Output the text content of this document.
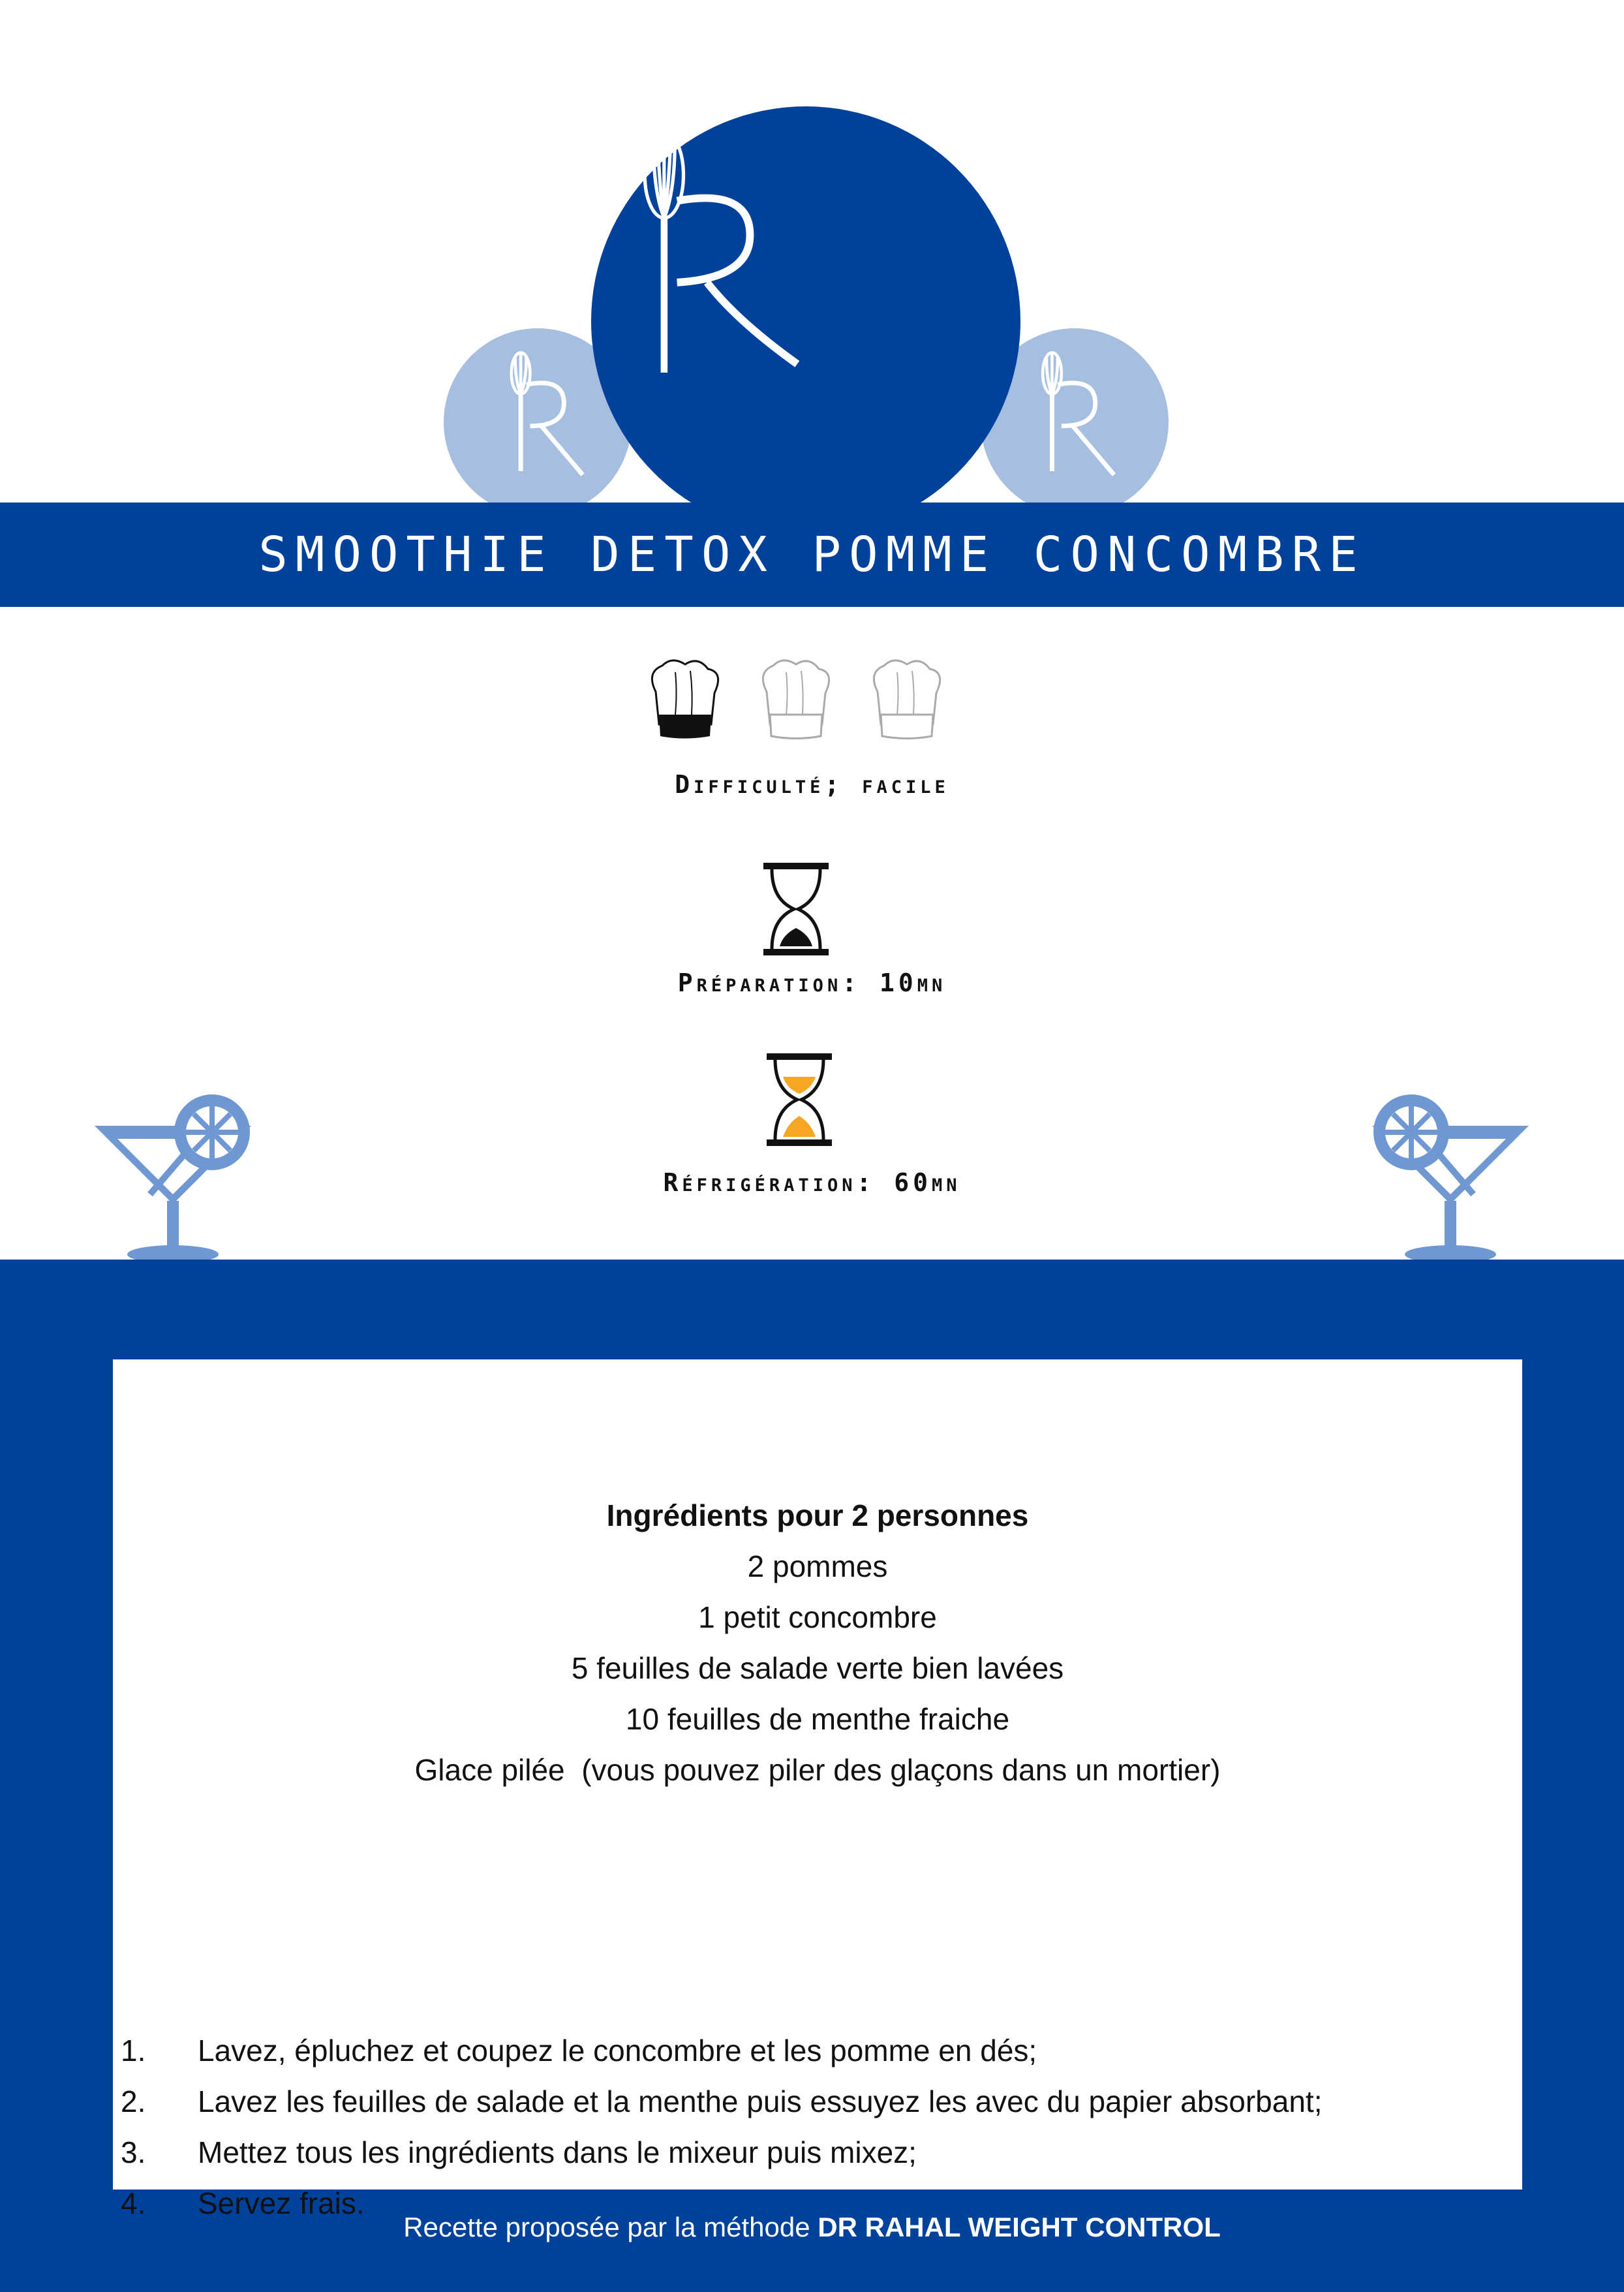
SMOOTHIE DETOX POMME CONCOMBRE
Difficulté; facile
Préparation: 10mn
Réfrigération: 60mn
Ingrédients pour 2 personnes
2 pommes
1 petit concombre
5 feuilles de salade verte bien lavées
10 feuilles de menthe fraiche
Glace pilée  (vous pouvez piler des glaçons dans un mortier)
1. Lavez, épluchez et coupez le concombre et les pomme en dés;
2. Lavez les feuilles de salade et la menthe puis essuyez les avec du papier absorbant;
3. Mettez tous les ingrédients dans le mixeur puis mixez;
4. Servez frais.
Recette proposée par la méthode DR RAHAL WEIGHT CONTROL
